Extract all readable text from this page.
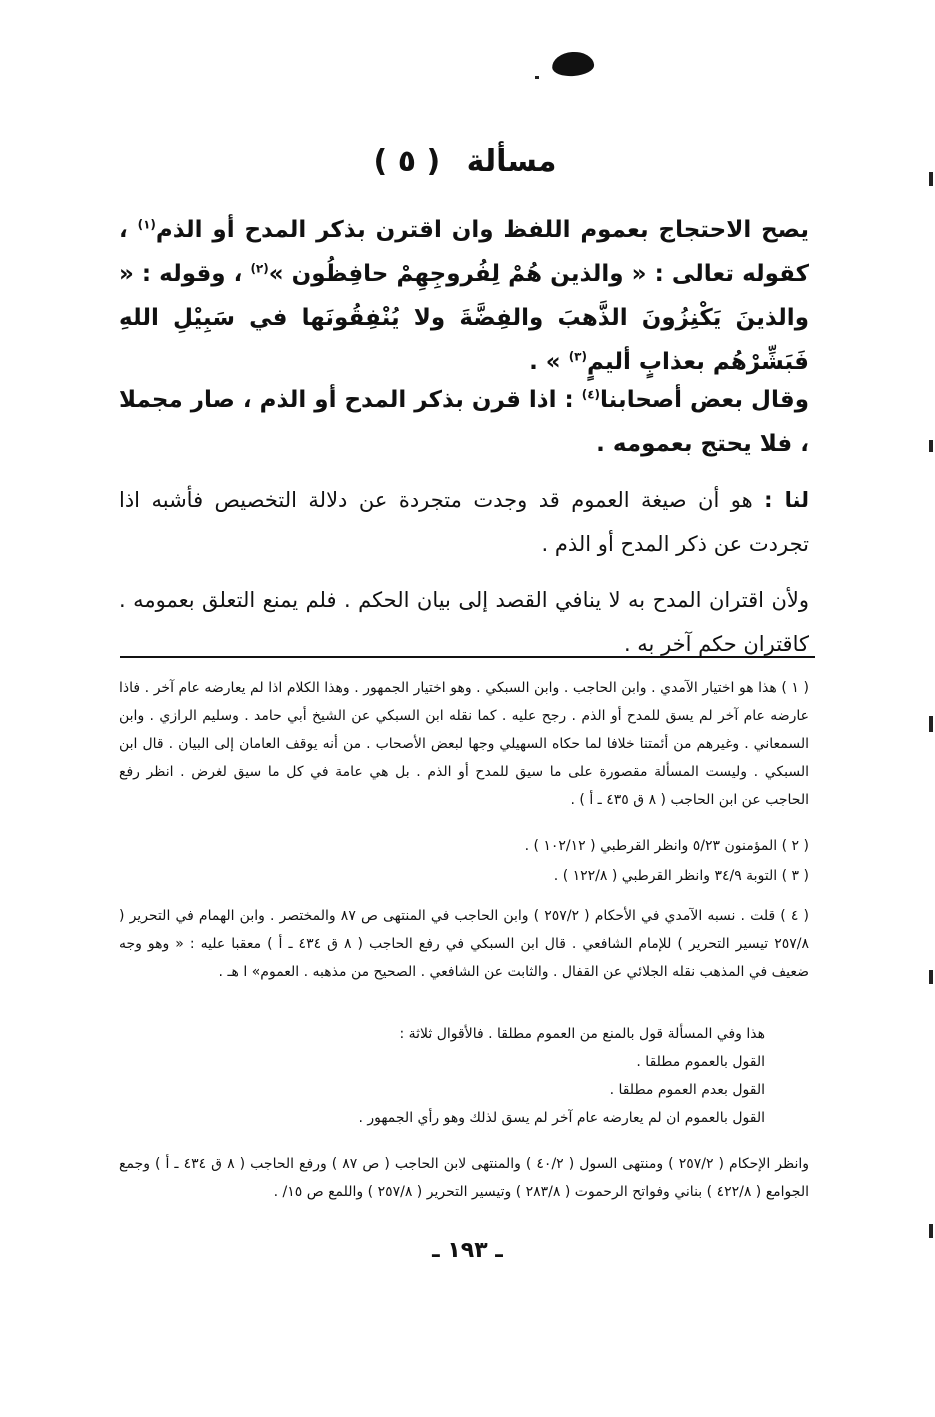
مسألة ( ٥ )
يصح الاحتجاج بعموم اللفظ وان اقترن بذكر المدح أو الذم$^{(١)}$ ، كقوله تعالى : « والذين هُمْ لِفُروجِهِمْ حافِظُون »$^{(٢)}$ ، وقوله : « والذينَ يَكْنِزُونَ الذَّهبَ والفِضَّةَ ولا يُنْفِقُونَها في سَبِيْلِ اللهِ فَبَشِّرْهُم بعذابٍ أليمٍ$^{(٣)}$ » .
وقال بعض أصحابنا$^{(٤)}$ : اذا قرن بذكر المدح أو الذم ، صار مجملا ، فلا يحتج بعمومه .
لنا : هو أن صيغة العموم قد وجدت متجردة عن دلالة التخصيص فأشبه اذا تجردت عن ذكر المدح أو الذم .
ولأن اقتران المدح به لا ينافي القصد إلى بيان الحكم . فلم يمنع التعلق بعمومه . كاقتران حكم آخر به .
( ١ ) هذا هو اختيار الآمدي . وابن الحاجب . وابن السبكي . وهو اختيار الجمهور . وهذا الكلام اذا لم يعارضه عام آخر . فاذا عارضه عام آخر لم يسق للمدح أو الذم . رجح عليه . كما نقله ابن السبكي عن الشيخ أبي حامد . وسليم الرازي . وابن السمعاني . وغيرهم من أئمتنا خلافا لما حكاه السهيلي وجها لبعض الأصحاب . من أنه يوقف العامان إلى البيان . قال ابن السبكي . وليست المسألة مقصورة على ما سيق للمدح أو الذم . بل هي عامة في كل ما سيق لغرض . انظر رفع الحاجب عن ابن الحاجب ( ٨ ق ٤٣٥ ـ أ ) .
( ٢ ) المؤمنون ٥/٢٣ وانظر القرطبي ( ١٠٢/١٢ ) .
( ٣ ) التوبة ٣٤/٩ وانظر القرطبي ( ١٢٢/٨ ) .
( ٤ ) قلت . نسبه الآمدي في الأحكام ( ٢٥٧/٢ ) وابن الحاجب في المنتهى ص ٨٧ والمختصر . وابن الهمام في التحرير ( ٢٥٧/٨ تيسير التحرير ) للإمام الشافعي . قال ابن السبكي في رفع الحاجب ( ٨ ق ٤٣٤ ـ أ ) معقبا عليه : « وهو وجه ضعيف في المذهب نقله الجلائي عن القفال . والثابت عن الشافعي . الصحيح من مذهبه . العموم» ا هـ .
هذا وفي المسألة قول بالمنع من العموم مطلقا . فالأقوال ثلاثة :
القول بالعموم مطلقا .
القول بعدم العموم مطلقا .
القول بالعموم ان لم يعارضه عام آخر لم يسق لذلك وهو رأي الجمهور .
وانظر الإحكام ( ٢٥٧/٢ ) ومنتهى السول ( ٤٠/٢ ) والمنتهى لابن الحاجب ( ص ٨٧ ) ورفع الحاجب ( ٨ ق ٤٣٤ ـ أ ) وجمع الجوامع ( ٤٢٢/٨ ) بناني وفواتح الرحموت ( ٢٨٣/٨ ) وتيسير التحرير ( ٢٥٧/٨ ) واللمع ص ١٥/ .
ـ ١٩٣ ـ
